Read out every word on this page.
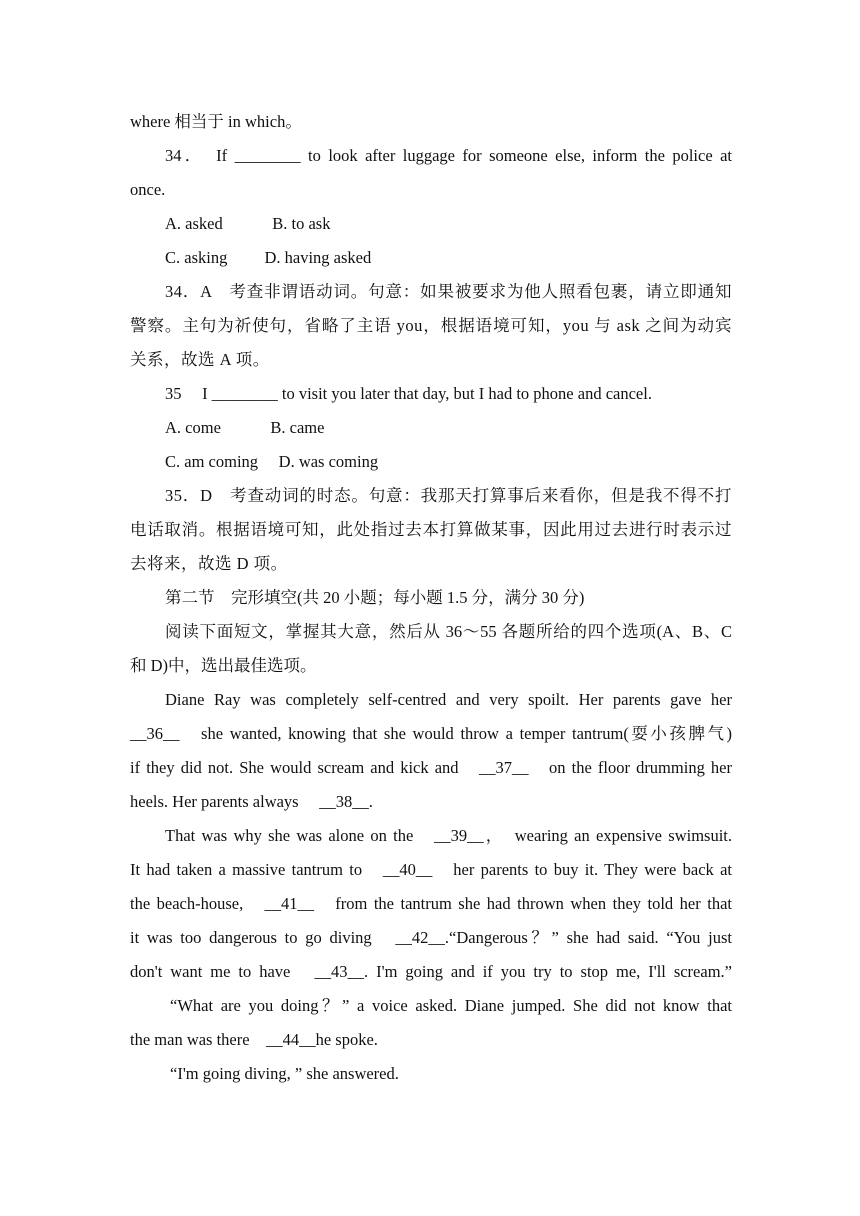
where 相当于 in which。
34．　If ________ to look after luggage for someone else, inform the police at
once.
A. asked　　　B. to ask
C. asking　　 D. having asked
34．A　考查非谓语动词。句意：如果被要求为他人照看包裹，请立即通知
警察。主句为祈使句，省略了主语 you，根据语境可知，you 与 ask 之间为动宾
关系，故选 A 项。
35　 I ________ to visit you later that day, but I had to phone and cancel.
A. come　　　B. came
C. am coming　 D. was coming
35．D　考查动词的时态。句意：我那天打算事后来看你，但是我不得不打
电话取消。根据语境可知，此处指过去本打算做某事，因此用过去进行时表示过
去将来，故选 D 项。
第二节　完形填空(共 20 小题；每小题 1.5 分，满分 30 分)
阅读下面短文，掌握其大意，然后从 36～55 各题所给的四个选项(A、B、C
和 D)中，选出最佳选项。
Diane Ray was completely self‐centred and very spoilt. Her parents gave her
__36__　she wanted, knowing that she would throw a temper tantrum(耍小孩脾气)
if they did not. She would scream and kick and　__37__　on the floor drumming her
heels. Her parents always　 __38__.
That was why she was alone on the　__39__，　wearing an expensive swimsuit.
It had taken a massive tantrum to　__40__　her parents to buy it. They were back at
the beach-house,　__41__　from the tantrum she had thrown when they told her that
it was too dangerous to go diving　__42__.“Dangerous？” she had said. “You just
don't want me to have　__43__. I'm going and if you try to stop me, I'll scream.”
“What are you doing？” a voice asked. Diane jumped. She did not know that
the man was there　__44__he spoke.
“I'm going diving, ” she answered.
